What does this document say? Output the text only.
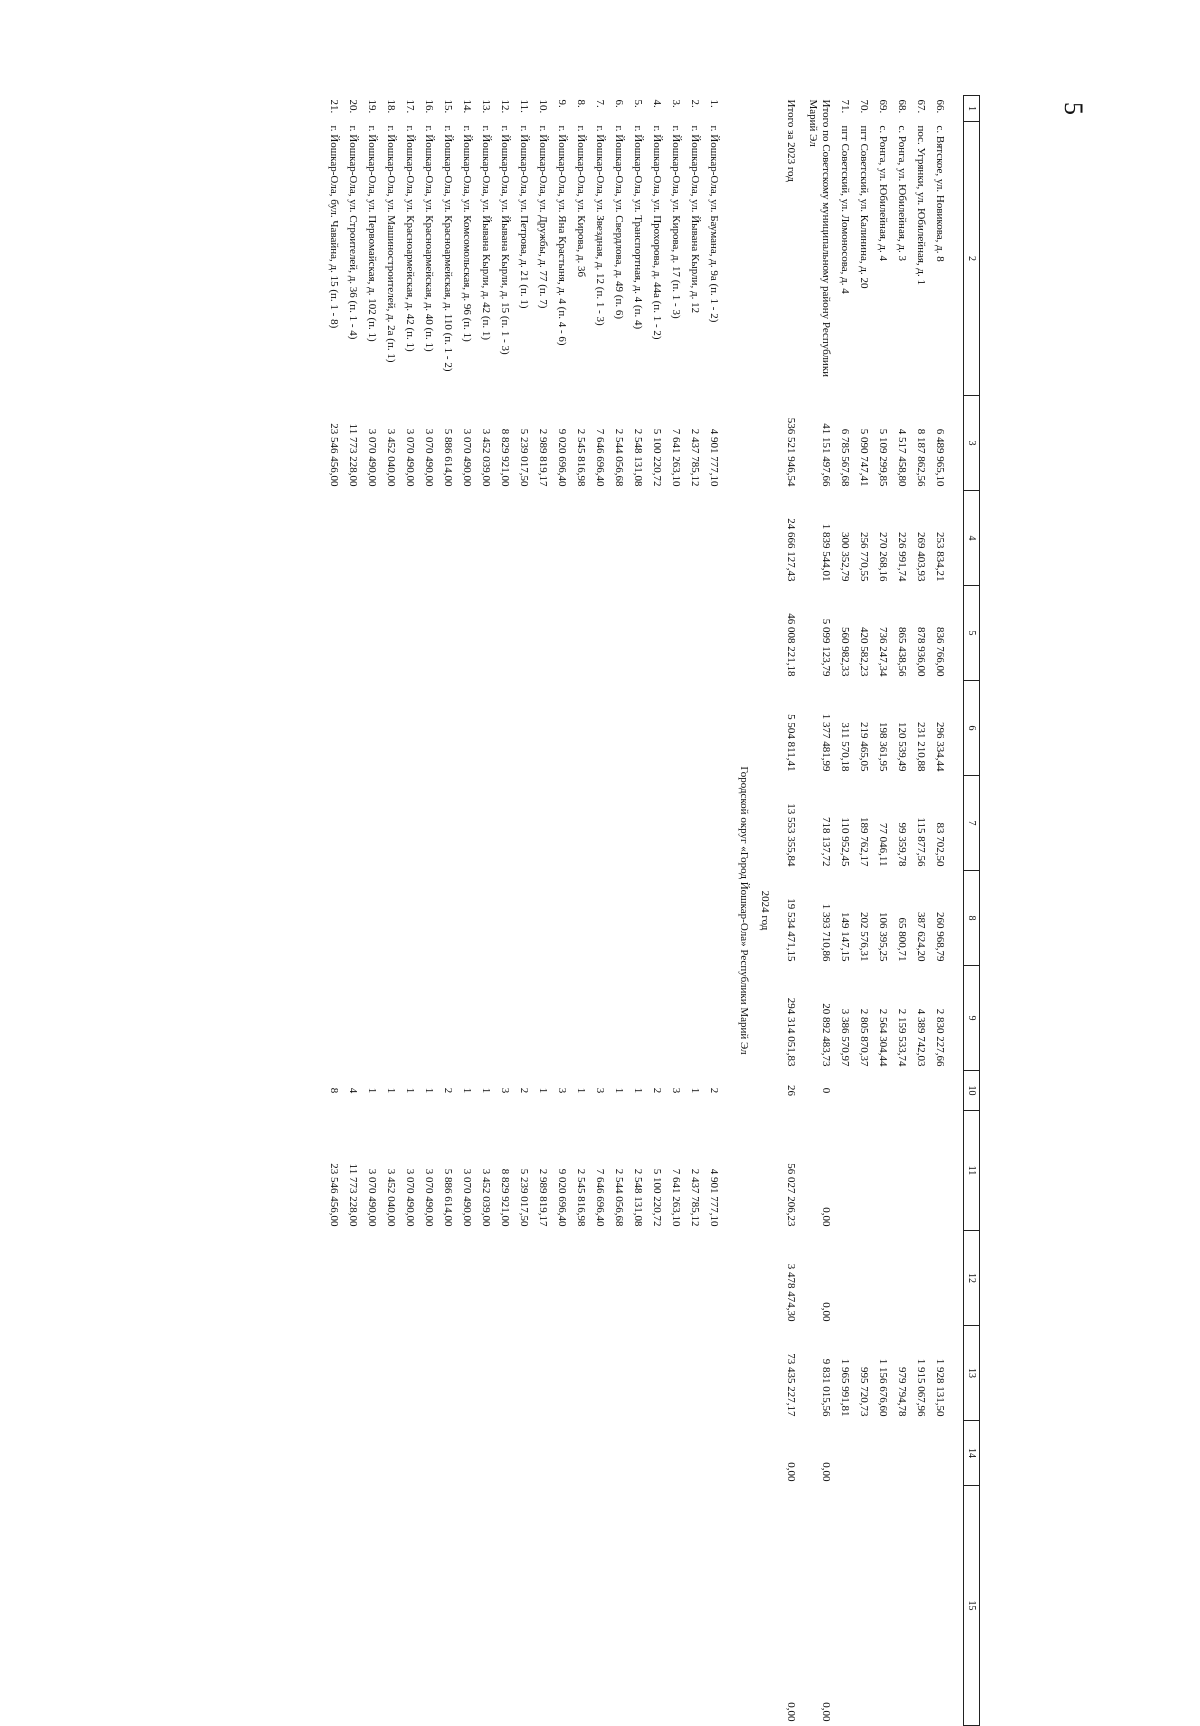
5
1	2	3	4	5	6	7	8	9	10	11	12	13	14	15

66.	с. Вятское, ул. Новикова, д. 8	6 489 965,10	253 834,21	836 766,00	296 334,44	83 702,50	260 968,79	2 830 227,66				1 928 131,50		
67.	пос. Угрянки, ул. Юбилейная, д. 1	8 187 862,56	269 403,93	878 936,00	231 210,88	115 877,56	387 624,20	4 389 742,03				1 915 067,96		
68.	с. Ронга, ул. Юбилейная, д. 3	4 517 458,80	226 991,74	865 438,56	120 539,49	99 359,78	65 800,71	2 159 533,74				979 794,78		
69.	с. Ронга, ул. Юбилейная, д. 4	5 109 299,85	270 268,16	736 247,34	198 361,95	77 046,11	106 395,25	2 564 304,44				1 156 676,60		
70.	пгт Советский, ул. Калинина, д. 20	5 090 747,41	256 770,55	420 582,23	219 465,05	189 762,17	202 576,31	2 805 870,37				995 720,73		
71.	пгт Советский, ул. Ломоносова, д. 4	6 785 567,68	300 352,79	560 982,33	311 570,18	110 952,45	149 147,15	3 386 570,97				1 965 991,81		
Итого по Советскому муниципальному району Республики Марий Эл		41 151 497,66	1 839 544,01	5 099 123,79	1 377 481,99	718 137,72	1 393 710,86	20 892 483,73	0	0,00	0,00	9 831 015,56	0,00	0,00
Итого за 2023 год		536 521 946,54	24 666 127,43	46 008 221,18	5 504 811,41	13 553 355,84	19 534 471,15	294 314 051,83	26	56 027 206,23	3 478 474,30	73 435 227,17	0,00	0,00
2024 год														
Городской округ «Город Йошкар-Ола» Республики Марий Эл														
1.	г. Йошкар-Ола, ул. Баумана, д. 9а (п. 1 - 2)	4 901 777,10							2	4 901 777,10				
2.	г. Йошкар-Ола, ул. Йывана Кырли, д. 12	2 437 785,12							1	2 437 785,12				
3.	г. Йошкар-Ола, ул. Кирова, д. 17 (п. 1 - 3)	7 641 263,10							3	7 641 263,10				
4.	г. Йошкар-Ола, ул. Прохорова, д. 44а (п. 1 - 2)	5 100 220,72							2	5 100 220,72				
5.	г. Йошкар-Ола, ул. Транспортная, д. 4 (п. 4)	2 548 131,08							1	2 548 131,08				
6.	г. Йошкар-Ола, ул. Свердлова, д. 49 (п. 6)	2 544 056,68							1	2 544 056,68				
7.	г. Йошкар-Ола, ул. Звездная, д. 12 (п. 1 - 3)	7 646 696,40							3	7 646 696,40				
8.	г. Йошкар-Ола, ул. Кирова, д. 3б	2 545 816,98							1	2 545 816,98				
9.	г. Йошкар-Ола, ул. Яна Крастыня, д. 4 (п. 4 - 6)	9 020 696,40							3	9 020 696,40				
10.	г. Йошкар-Ола, ул. Дружбы, д. 77 (п. 7)	2 989 819,17							1	2 989 819,17				
11.	г. Йошкар-Ола, ул. Петрова, д. 21 (п. 1)	5 239 017,50							2	5 239 017,50				
12.	г. Йошкар-Ола, ул. Йывана Кырли, д. 15 (п. 1 - 3)	8 829 921,00							3	8 829 921,00				
13.	г. Йошкар-Ола, ул. Йывана Кырли, д. 42 (п. 1)	3 452 039,00							1	3 452 039,00				
14.	г. Йошкар-Ола, ул. Комсомольская, д. 96 (п. 1)	3 070 490,00							1	3 070 490,00				
15.	г. Йошкар-Ола, ул. Красноармейская, д. 110 (п. 1 - 2)	5 886 614,00							2	5 886 614,00				
16.	г. Йошкар-Ола, ул. Красноармейская, д. 40 (п. 1)	3 070 490,00							1	3 070 490,00				
17.	г. Йошкар-Ола, ул. Красноармейская, д. 42 (п. 1)	3 070 490,00							1	3 070 490,00				
18.	г. Йошкар-Ола, ул. Машиностроителей, д. 2а (п. 1)	3 452 040,00							1	3 452 040,00				
19.	г. Йошкар-Ола, ул. Первомайская, д. 102 (п. 1)	3 070 490,00							1	3 070 490,00				
20.	г. Йошкар-Ола, ул. Строителей, д. 36 (п. 1 - 4)	11 773 228,00							4	11 773 228,00				
21.	г. Йошкар-Ола, бул. Чавайна, д. 15 (п. 1 - 8)	23 546 456,00							8	23 546 456,00				
